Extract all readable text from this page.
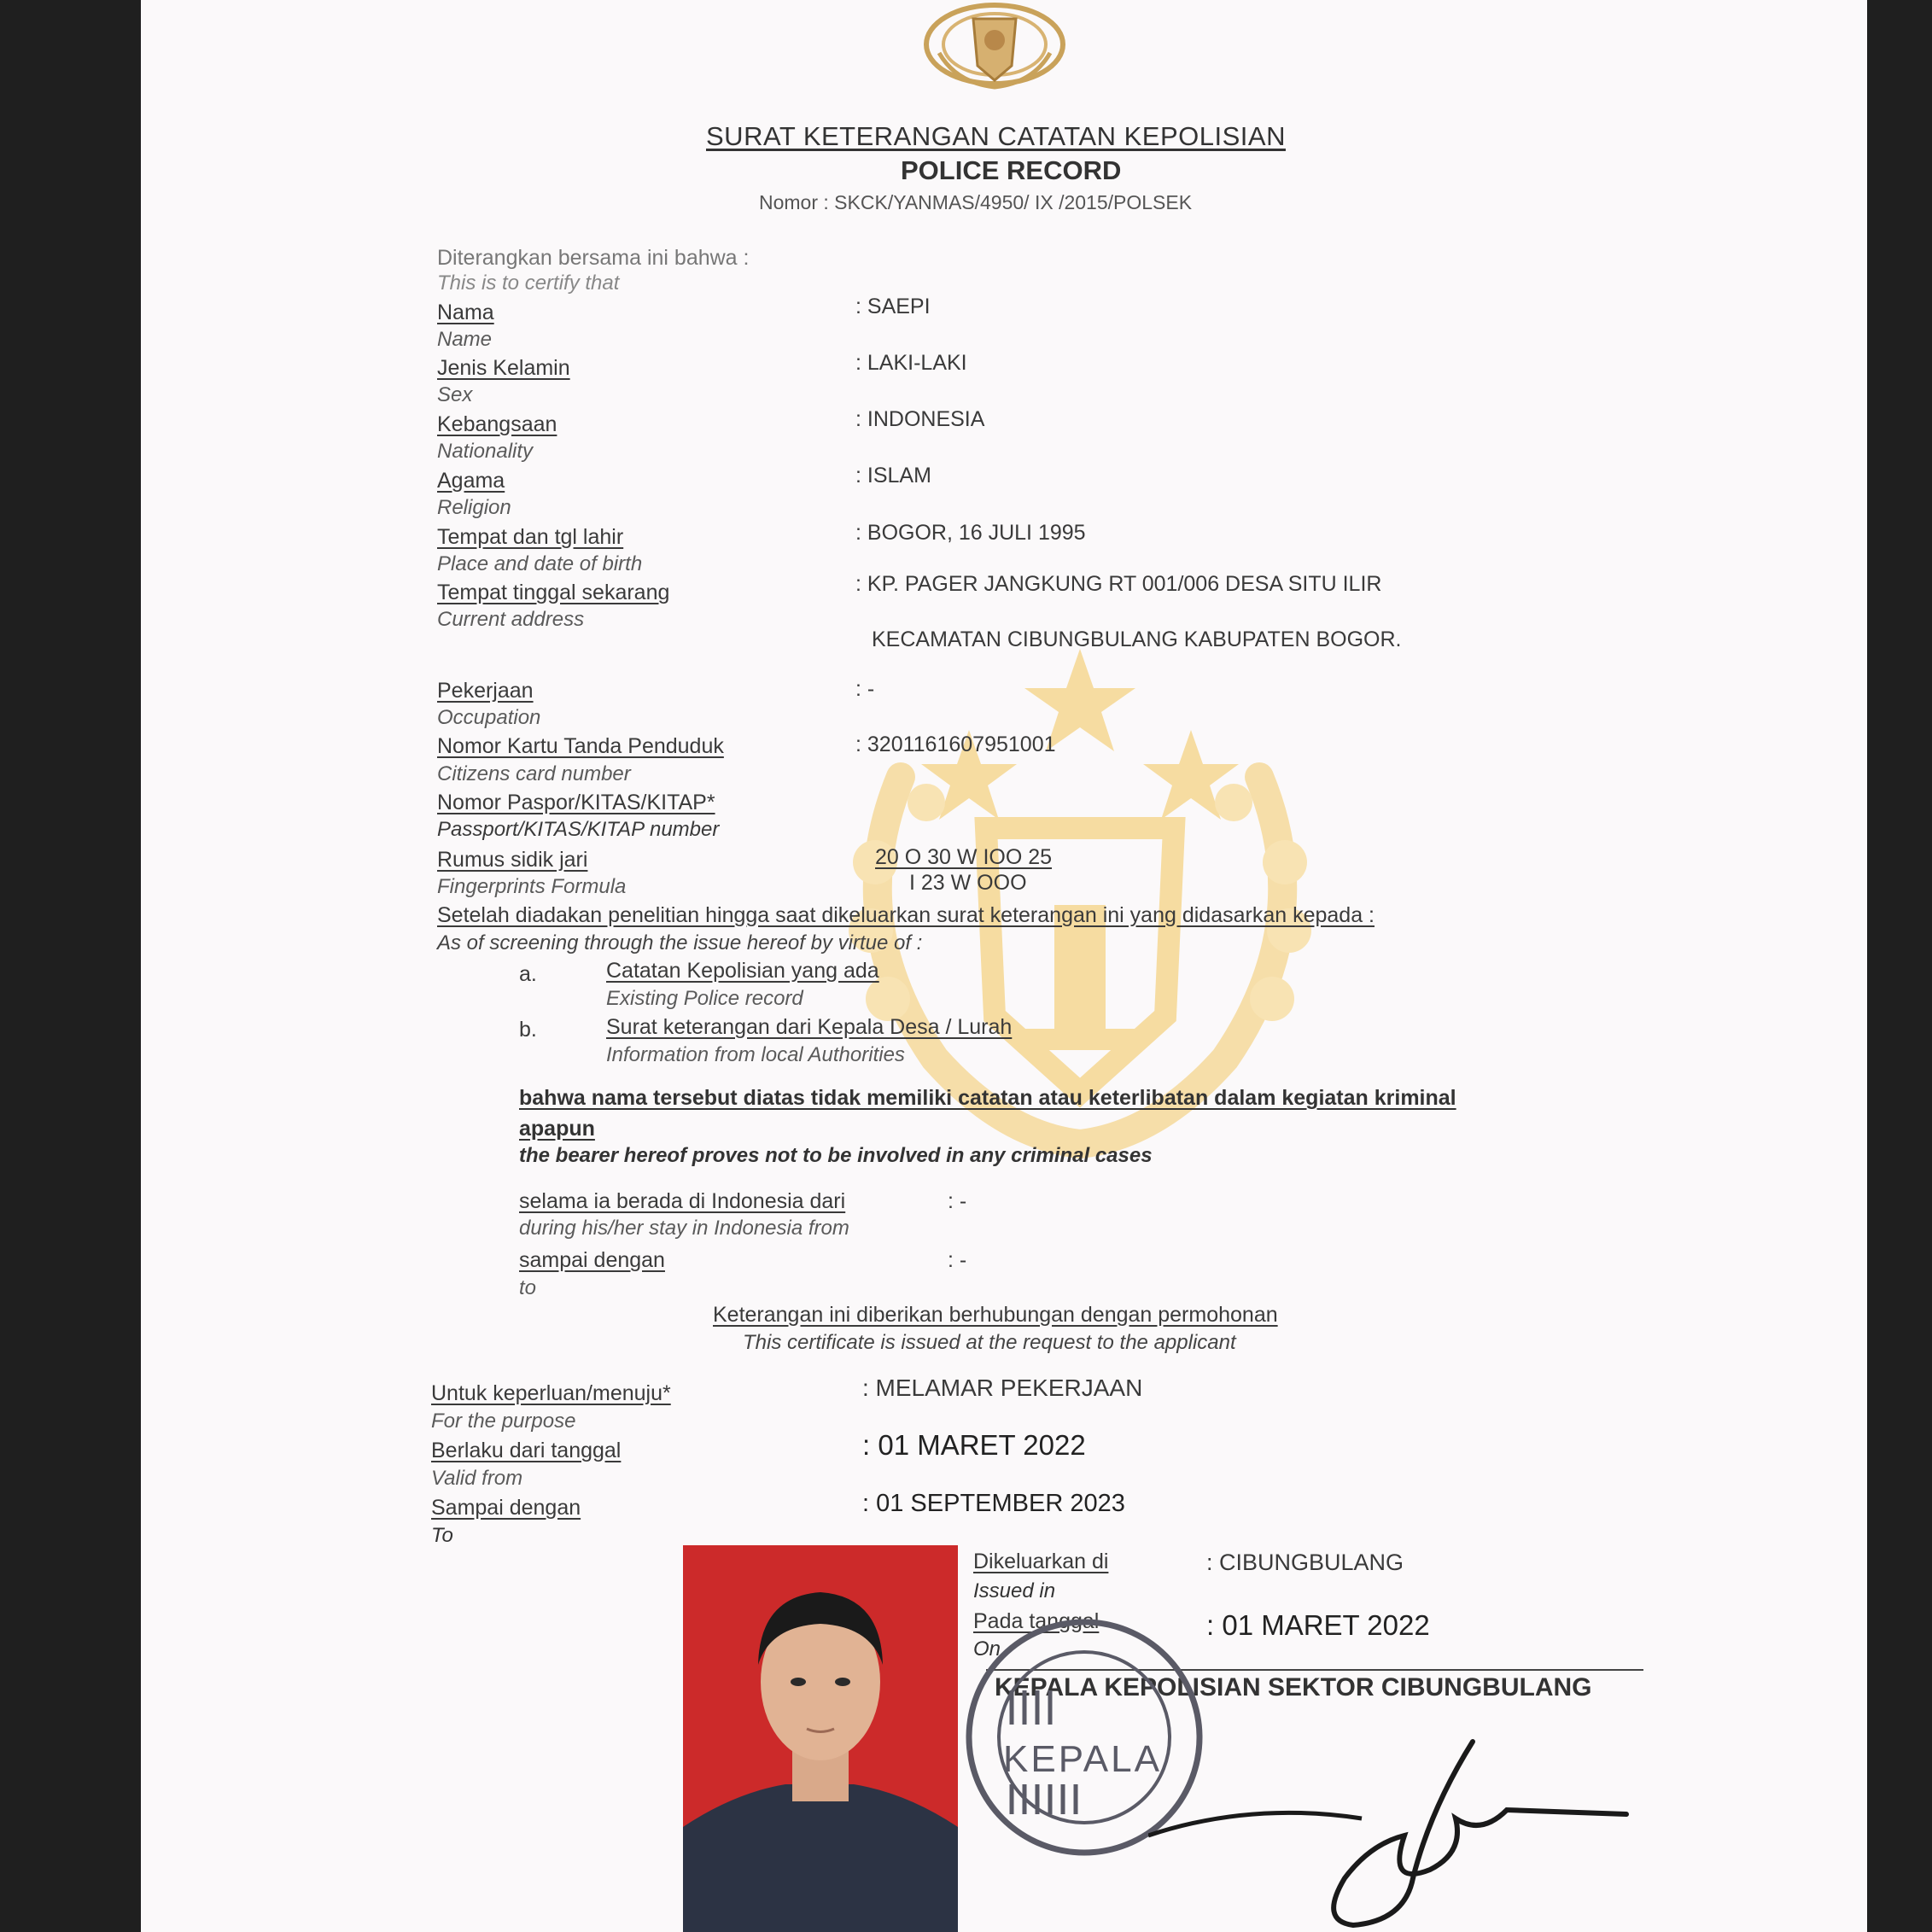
SURAT KETERANGAN CATATAN KEPOLISIAN
POLICE RECORD
Nomor : SKCK/YANMAS/4950/ IX /2015/POLSEK
Diterangkan bersama ini bahwa :
This is to certify that
Nama
Name
: SAEPI
Jenis Kelamin
Sex
: LAKI-LAKI
Kebangsaan
Nationality
: INDONESIA
Agama
Religion
: ISLAM
Tempat dan tgl lahir
Place and date of birth
: BOGOR, 16 JULI 1995
Tempat tinggal sekarang
Current address
: KP. PAGER JANGKUNG RT 001/006 DESA SITU ILIR
KECAMATAN CIBUNGBULANG KABUPATEN BOGOR.
Pekerjaan
Occupation
: -
Nomor Kartu Tanda Penduduk
Citizens card number
: 3201161607951001
Nomor Paspor/KITAS/KITAP*
Passport/KITAS/KITAP number
Rumus sidik jari
Fingerprints Formula
20 O 30 W IOO 25
I 23 W OOO
Setelah diadakan penelitian hingga saat dikeluarkan surat keterangan ini yang didasarkan kepada :
As of screening through the issue hereof by virtue of :
a.	Catatan Kepolisian yang ada
Existing Police record
b.	Surat keterangan dari Kepala Desa / Lurah
Information from local Authorities
bahwa nama tersebut diatas tidak memiliki catatan atau keterlibatan dalam kegiatan kriminal
apapun
the bearer hereof proves not to be involved in any criminal cases
selama ia berada di Indonesia dari
during his/her stay in Indonesia from
: -
sampai dengan
to
: -
Keterangan ini diberikan berhubungan dengan permohonan
This certificate is issued at the request to the applicant
Untuk keperluan/menuju*
For the purpose
: MELAMAR PEKERJAAN
Berlaku dari tanggal
Valid from
: 01 MARET 2022
Sampai dengan
To
: 01 SEPTEMBER 2023
Dikeluarkan di
Issued in
: CIBUNGBULANG
Pada tanggal
On
: 01 MARET 2022
KEPALA KEPOLISIAN SEKTOR CIBUNGBULANG
KEPALA
